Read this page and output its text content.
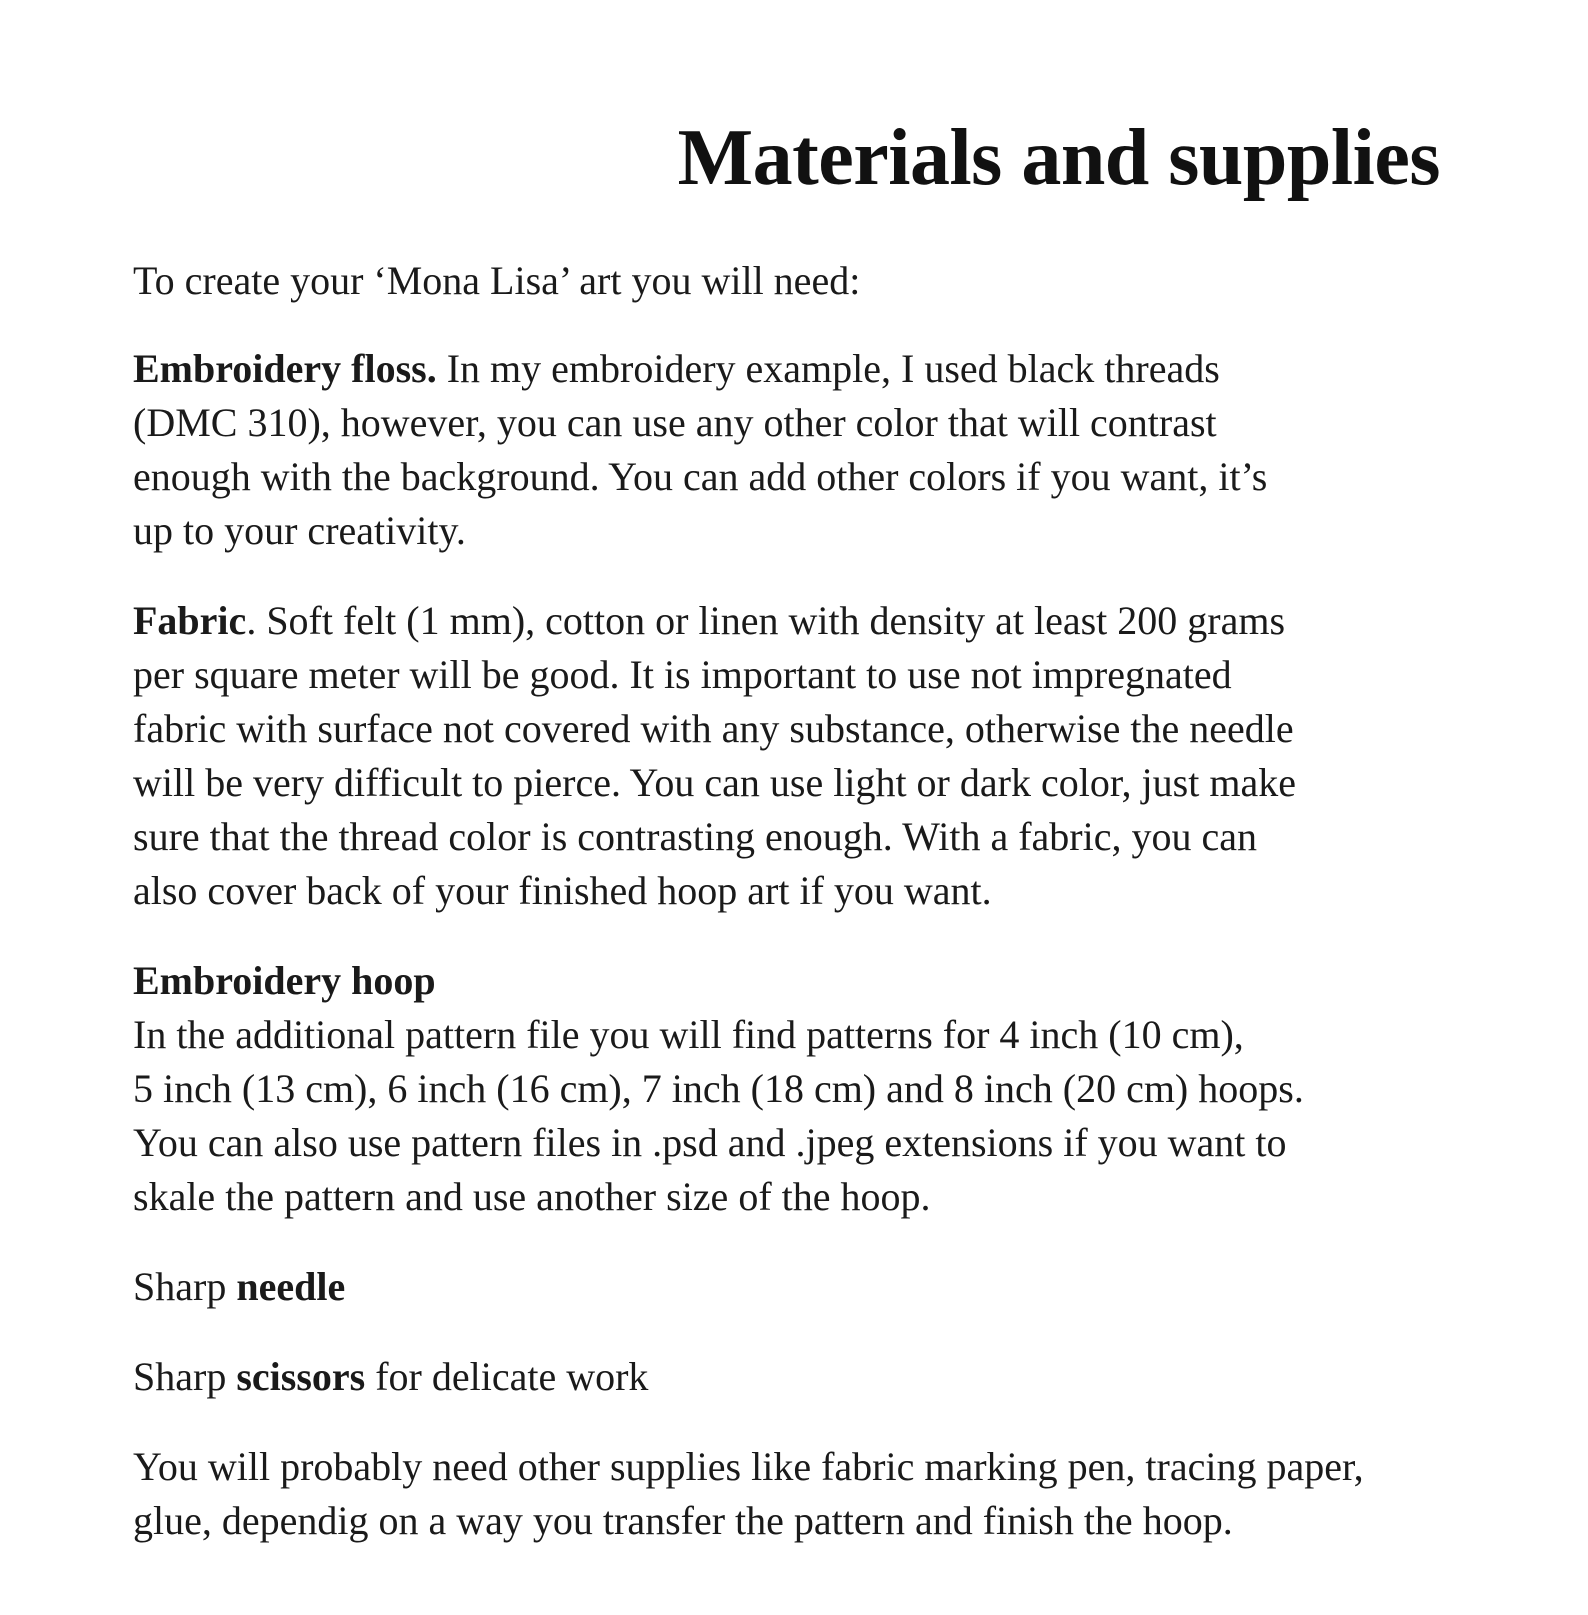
Materials and supplies

To create your ‘Mona Lisa’ art you will need:

Embroidery floss. In my embroidery example, I used black threads
(DMC 310), however, you can use any other color that will contrast
enough with the background. You can add other colors if you want, it’s
up to your creativity.

Fabric. Soft felt (1 mm), cotton or linen with density at least 200 grams
per square meter will be good. It is important to use not impregnated
fabric with surface not covered with any substance, otherwise the needle
will be very difficult to pierce. You can use light or dark color, just make
sure that the thread color is contrasting enough. With a fabric, you can
also cover back of your finished hoop art if you want.

Embroidery hoop
In the additional pattern file you will find patterns for 4 inch (10 cm),
5 inch (13 cm), 6 inch (16 cm), 7 inch (18 cm) and 8 inch (20 cm) hoops.
You can also use pattern files in .psd and .jpeg extensions if you want to
skale the pattern and use another size of the hoop.

Sharp needle

Sharp scissors for delicate work

You will probably need other supplies like fabric marking pen, tracing paper,
glue, dependig on a way you transfer the pattern and finish the hoop.
